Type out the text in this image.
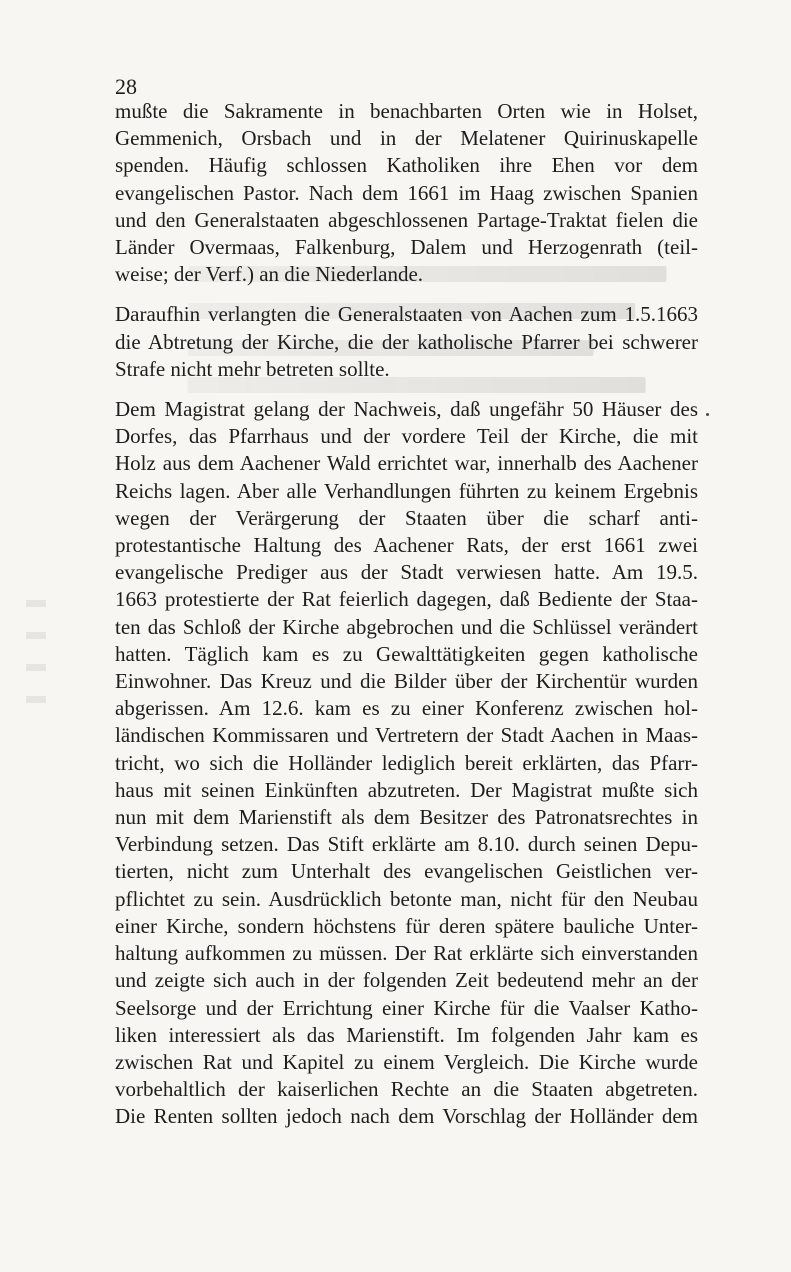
28

mußte die Sakramente in benachbarten Orten wie in Holset,
Gemmenich, Orsbach und in der Melatener Quirinuskapelle
spenden. Häufig schlossen Katholiken ihre Ehen vor dem
evangelischen Pastor. Nach dem 1661 im Haag zwischen Spanien
und den Generalstaaten abgeschlossenen Partage-Traktat fielen die
Länder Overmaas, Falkenburg, Dalem und Herzogenrath (teil-
weise; der Verf.) an die Niederlande.

Daraufhin verlangten die Generalstaaten von Aachen zum 1.5.1663
die Abtretung der Kirche, die der katholische Pfarrer bei schwerer
Strafe nicht mehr betreten sollte.

Dem Magistrat gelang der Nachweis, daß ungefähr 50 Häuser des
Dorfes, das Pfarrhaus und der vordere Teil der Kirche, die mit
Holz aus dem Aachener Wald errichtet war, innerhalb des Aachener
Reichs lagen. Aber alle Verhandlungen führten zu keinem Ergebnis
wegen der Verärgerung der Staaten über die scharf anti-
protestantische Haltung des Aachener Rats, der erst 1661 zwei
evangelische Prediger aus der Stadt verwiesen hatte. Am 19.5.
1663 protestierte der Rat feierlich dagegen, daß Bediente der Staa-
ten das Schloß der Kirche abgebrochen und die Schlüssel verändert
hatten. Täglich kam es zu Gewalttätigkeiten gegen katholische
Einwohner. Das Kreuz und die Bilder über der Kirchentür wurden
abgerissen. Am 12.6. kam es zu einer Konferenz zwischen hol-
ländischen Kommissaren und Vertretern der Stadt Aachen in Maas-
tricht, wo sich die Holländer lediglich bereit erklärten, das Pfarr-
haus mit seinen Einkünften abzutreten. Der Magistrat mußte sich
nun mit dem Marienstift als dem Besitzer des Patronatsrechtes in
Verbindung setzen. Das Stift erklärte am 8.10. durch seinen Depu-
tierten, nicht zum Unterhalt des evangelischen Geistlichen ver-
pflichtet zu sein. Ausdrücklich betonte man, nicht für den Neubau
einer Kirche, sondern höchstens für deren spätere bauliche Unter-
haltung aufkommen zu müssen. Der Rat erklärte sich einverstanden
und zeigte sich auch in der folgenden Zeit bedeutend mehr an der
Seelsorge und der Errichtung einer Kirche für die Vaalser Katho-
liken interessiert als das Marienstift. Im folgenden Jahr kam es
zwischen Rat und Kapitel zu einem Vergleich. Die Kirche wurde
vorbehaltlich der kaiserlichen Rechte an die Staaten abgetreten.
Die Renten sollten jedoch nach dem Vorschlag der Holländer dem
